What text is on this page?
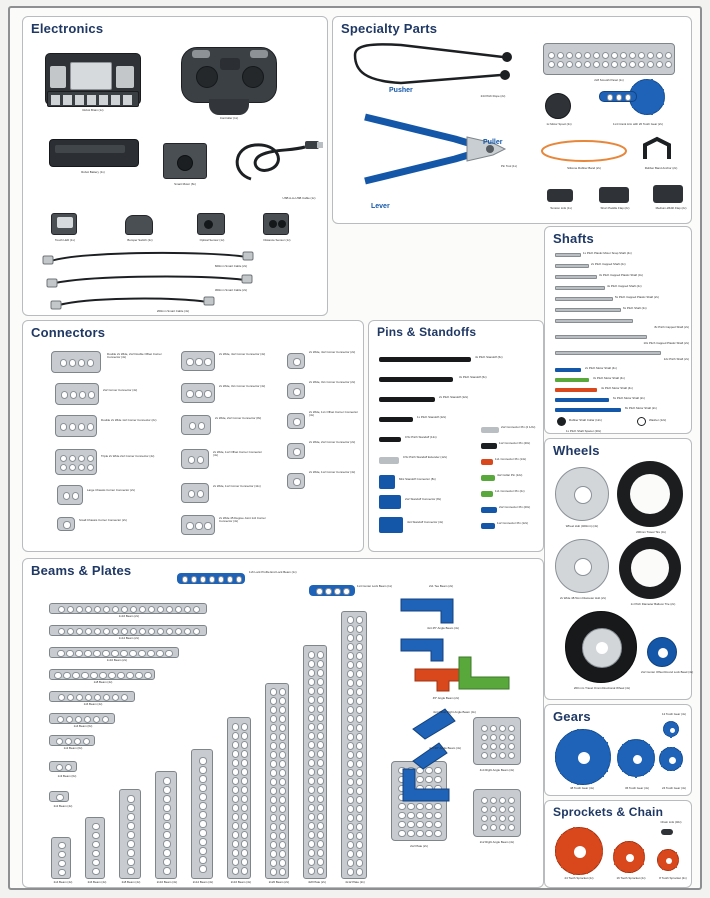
Electronics
Robot Brain (1x)
Controller (1x)
Robot Battery (1x)
Smart Motor (6x)
USB A-to-USB Cable (1x)
Touch LED (1x)	Bumper Switch (2x)	Optical Sensor (1x)	Distance Sensor (1x)
600mm Smart Cable (2x)
300mm Smart Cable (2x)
200mm Smart Cable (4x)
Specialty Parts
24t Pitch Rope (2x)
2x8 Smooth Panel (1x)
1x Motor Spool (2x)	1x4 Crank Arm with 20 Tooth Gear (2x)
Pusher
Puller
Lever
Pin Tool (1x)	Silicone Rubber Band (2x)	Rubber Band Anchor (2x)
Tension Link (1x)	Short Paddle Flap (2x)	Medium-Width Flap (2x)
Shafts
1x Pitch Plastic Motor Snap Shaft (4x)
2x Pitch Capped Shaft (2x)
3x Pitch Capped Plastic Shaft (4x)
4x Pitch Capped Shaft (4x)
5x Pitch Capped Plastic Shaft (2x)
6x Pitch Shaft (2x)
8x Pitch Capped Shaft (2x)
10x Pitch Capped Plastic Shaft (2x)
12x Pitch Shaft (2x)
2x Pitch Motor Shaft (4x)
3x Pitch Motor Shaft (4x)
4x Pitch Motor Shaft (4x)
6x Pitch Motor Shaft (2x)
8x Pitch Motor Shaft (2x)
Rubber Shaft Collar (12x)	Washer (12x)
1x Pitch Shaft Spacer (20x)
Connectors
Double 2x Wide, 2x2 Double Offset Corner Connector (4x)
2x2 Corner Connector (4x)
Double 2x Wide 1x2 Corner Connector (2x)
Triple 2x Wide 2x2 Corner Connector (4x)
Large Chassis Corner Connector (2x)
Small Chassis Corner Connector (2x)
2x Wide, 4x2 Corner Connector (4x)
2x Wide, 3x1 Corner Connector (4x)
2x Wide, 2x2 Corner Connector (8x)
2x Wide, 1x2 Offset Corner Connector (4x)
2x Wide, 1x2 Corner Connector (11x)
2x Wide 45 Degree Joint 1x2 Corner Connector (4x)
2x Wide, 4x2 Corner Connector (2x)
2x Wide, 3x1 Corner Connector (2x)
2x Wide, 1x1 Offset Corner Connector (4x)
2x Wide, 2x2 Corner Connector (2x)
2x Wide, 1x2 Corner Connector (4x)
Pins & Standoffs
4x Pitch Standoff (6x)
3x Pitch Standoff (6x)
2x Pitch Standoff (12x)
1x Pitch Standoff (12x)
0.5x Pitch Standoff (12x)
0.5x Pitch Standoff Extender (12x)
Mini Standoff Connector (8x)
2x2 Standoff Connector (8x)
4x4 Standoff Connector (4x)
2x2 Connector Pin (2 1/2x)
1x2 Connector Pin (40x)
1x1 Connector Pin (14x)
4x2 Collar Pin (12x)
1x1 Connector Pin (2x)
2x2 Connector Pin (20x)
1x2 Connector Pin (12x)
Wheels
Wheel Hub (400mm) (4x)
200mm Travel Tire (4x)
2x Wide 48.5mm Diameter Hub (2x)
1x Pitch Diameter Balloon Tire (2x)
200 mm Travel Omni-Directional Wheel (4x)
2x2 Center Offset Round Lock Bead (4x)
Beams & Plates	1x6 Lock Profile End Lock Beam (1x)
1x4 Center Lock Beam (1x)
1x16 Beam (2x)
1x12 Beam (2x)
1x10 Beam (2x)
1x8 Beam (4x)
1x6 Beam (4x)
1x4 Beam (6x)
1x2 Beam (6x)
1x3 Beam (6x)
2x2 Beam (4x)
2x4 Beam (4x)	2x6 Beam (4x)	2x8 Beam (4x)	2x10 Beam (4x)	2x12 Beam (4x)	2x16 Beam (4x)	2x20 Beam (2x)	4x8 Plate (2x)	4x12 Plate (2x)
2x2 Plate (2x)
4x4 Right Angle Beam (4x)
2x2 Right Angle Beam (4x)
2x1 Tee Beam (2x)
4x4 45° Angle Beam (4x)
45° Angle Beam (2x)
4x4 Offset Right Angle Beam (4x)
4x4 90° Angle Beam (4x)
Gears
48 Tooth Gear (4x)	36 Tooth Gear (4x)	24 Tooth Gear (4x)
12 Tooth Gear (4x)
Sprockets & Chain
24 Tooth Sprocket (2x)	16 Tooth Sprocket (2x)	8 Tooth Sprocket (2x)
Chain Link (40x)
